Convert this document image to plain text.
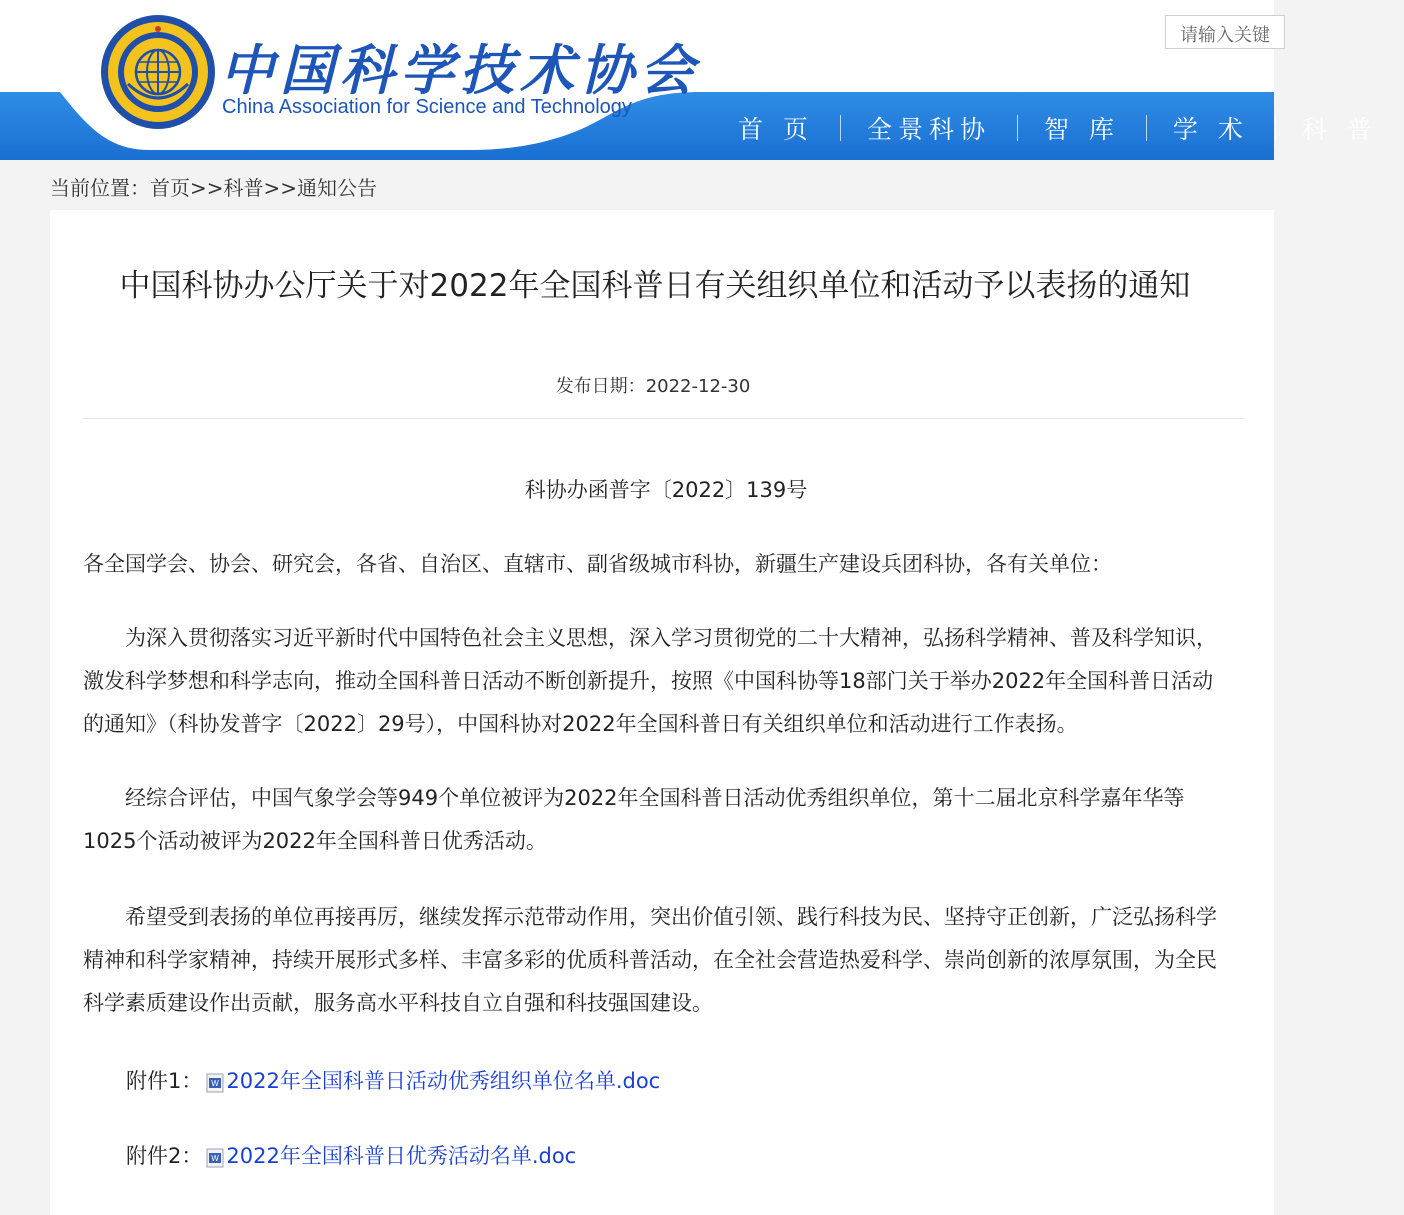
中国科学技术协会
China Association for Science and Technology
请输入关键
首 页	全景科协	智 库	学 术	科 普
当前位置：首页>>科普>>通知公告
中国科协办公厅关于对2022年全国科普日有关组织单位和活动予以表扬的通知
发布日期：2022-12-30
科协办函普字〔2022〕139号
各全国学会、协会、研究会，各省、自治区、直辖市、副省级城市科协，新疆生产建设兵团科协，各有关单位：
为深入贯彻落实习近平新时代中国特色社会主义思想，深入学习贯彻党的二十大精神，弘扬科学精神、普及科学知识，激发科学梦想和科学志向，推动全国科普日活动不断创新提升，按照《中国科协等18部门关于举办2022年全国科普日活动的通知》（科协发普字〔2022〕29号），中国科协对2022年全国科普日有关组织单位和活动进行工作表扬。
经综合评估，中国气象学会等949个单位被评为2022年全国科普日活动优秀组织单位，第十二届北京科学嘉年华等1025个活动被评为2022年全国科普日优秀活动。
希望受到表扬的单位再接再厉，继续发挥示范带动作用，突出价值引领、践行科技为民、坚持守正创新，广泛弘扬科学精神和科学家精神，持续开展形式多样、丰富多彩的优质科普活动，在全社会营造热爱科学、崇尚创新的浓厚氛围，为全民科学素质建设作出贡献，服务高水平科技自立自强和科技强国建设。
附件1： W 2022年全国科普日活动优秀组织单位名单.doc
附件2： W 2022年全国科普日优秀活动名单.doc
